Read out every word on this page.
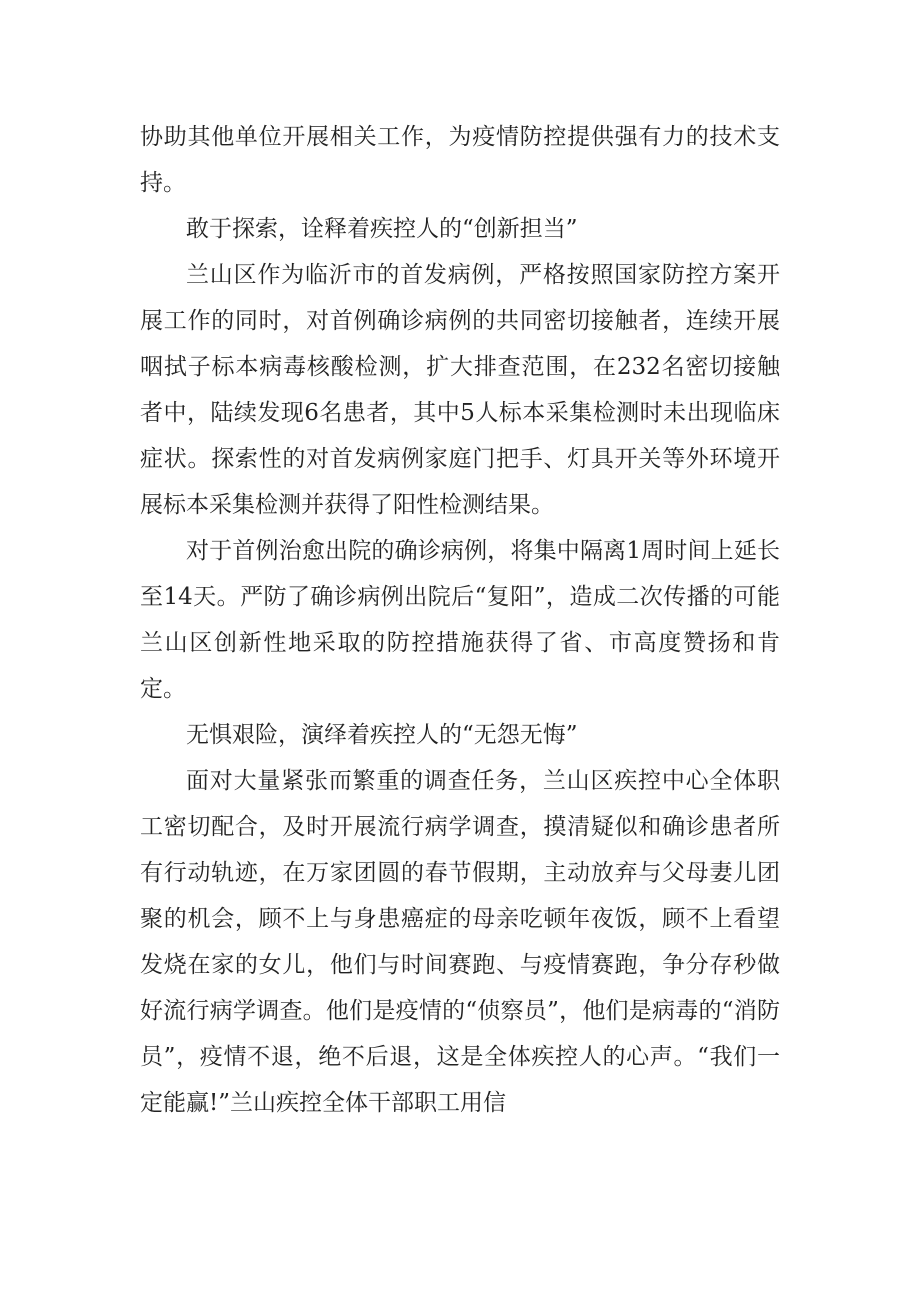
协助其他单位开展相关工作，为疫情防控提供强有力的技术支持。

敢于探索，诠释着疾控人的“创新担当”

兰山区作为临沂市的首发病例，严格按照国家防控方案开展工作的同时，对首例确诊病例的共同密切接触者，连续开展咽拭子标本病毒核酸检测，扩大排查范围，在232名密切接触者中，陆续发现6名患者，其中5人标本采集检测时未出现临床症状。探索性的对首发病例家庭门把手、灯具开关等外环境开展标本采集检测并获得了阳性检测结果。

对于首例治愈出院的确诊病例，将集中隔离1周时间上延长至14天。严防了确诊病例出院后“复阳”，造成二次传播的可能兰山区创新性地采取的防控措施获得了省、市高度赞扬和肯定。

无惧艰险，演绎着疾控人的“无怨无悔”

面对大量紧张而繁重的调查任务，兰山区疾控中心全体职工密切配合，及时开展流行病学调查，摸清疑似和确诊患者所有行动轨迹，在万家团圆的春节假期，主动放弃与父母妻儿团聚的机会，顾不上与身患癌症的母亲吃顿年夜饭，顾不上看望发烧在家的女儿，他们与时间赛跑、与疫情赛跑，争分存秒做好流行病学调查。他们是疫情的“侦察员”，他们是病毒的“消防员”，疫情不退，绝不后退，这是全体疾控人的心声。“我们一定能赢!”兰山疾控全体干部职工用信
